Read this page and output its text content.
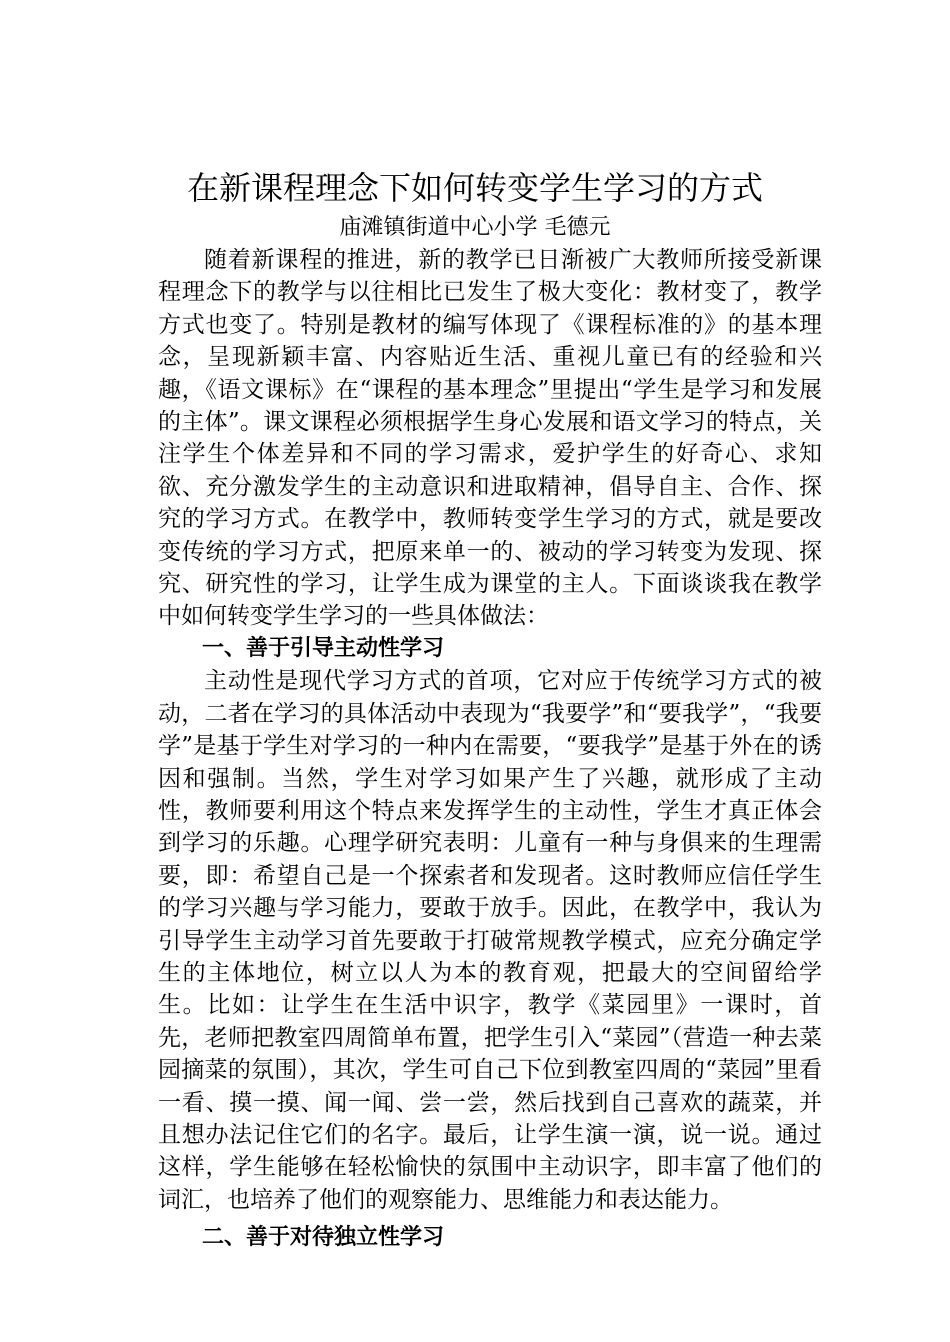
在新课程理念下如何转变学生学习的方式

庙滩镇街道中心小学 毛德元

随着新课程的推进，新的教学已日渐被广大教师所接受新课程理念下的教学与以往相比已发生了极大变化：教材变了，教学方式也变了。特别是教材的编写体现了《课程标准的》的基本理念，呈现新颖丰富、内容贴近生活、重视儿童已有的经验和兴趣，《语文课标》在“课程的基本理念”里提出“学生是学习和发展的主体”。课文课程必须根据学生身心发展和语文学习的特点，关注学生个体差异和不同的学习需求，爱护学生的好奇心、求知欲、充分激发学生的主动意识和进取精神，倡导自主、合作、探究的学习方式。在教学中，教师转变学生学习的方式，就是要改变传统的学习方式，把原来单一的、被动的学习转变为发现、探究、研究性的学习，让学生成为课堂的主人。下面谈谈我在教学中如何转变学生学习的一些具体做法：

一、善于引导主动性学习

主动性是现代学习方式的首项，它对应于传统学习方式的被动，二者在学习的具体活动中表现为“我要学”和“要我学”，“我要学”是基于学生对学习的一种内在需要，“要我学”是基于外在的诱因和强制。当然，学生对学习如果产生了兴趣，就形成了主动性，教师要利用这个特点来发挥学生的主动性，学生才真正体会到学习的乐趣。心理学研究表明：儿童有一种与身俱来的生理需要，即：希望自己是一个探索者和发现者。这时教师应信任学生的学习兴趣与学习能力，要敢于放手。因此，在教学中，我认为引导学生主动学习首先要敢于打破常规教学模式，应充分确定学生的主体地位，树立以人为本的教育观，把最大的空间留给学生。比如：让学生在生活中识字，教学《菜园里》一课时，首先，老师把教室四周简单布置，把学生引入“菜园”（营造一种去菜园摘菜的氛围），其次，学生可自己下位到教室四周的“菜园”里看一看、摸一摸、闻一闻、尝一尝，然后找到自己喜欢的蔬菜，并且想办法记住它们的名字。最后，让学生演一演，说一说。通过这样，学生能够在轻松愉快的氛围中主动识字，即丰富了他们的词汇，也培养了他们的观察能力、思维能力和表达能力。

二、善于对待独立性学习
